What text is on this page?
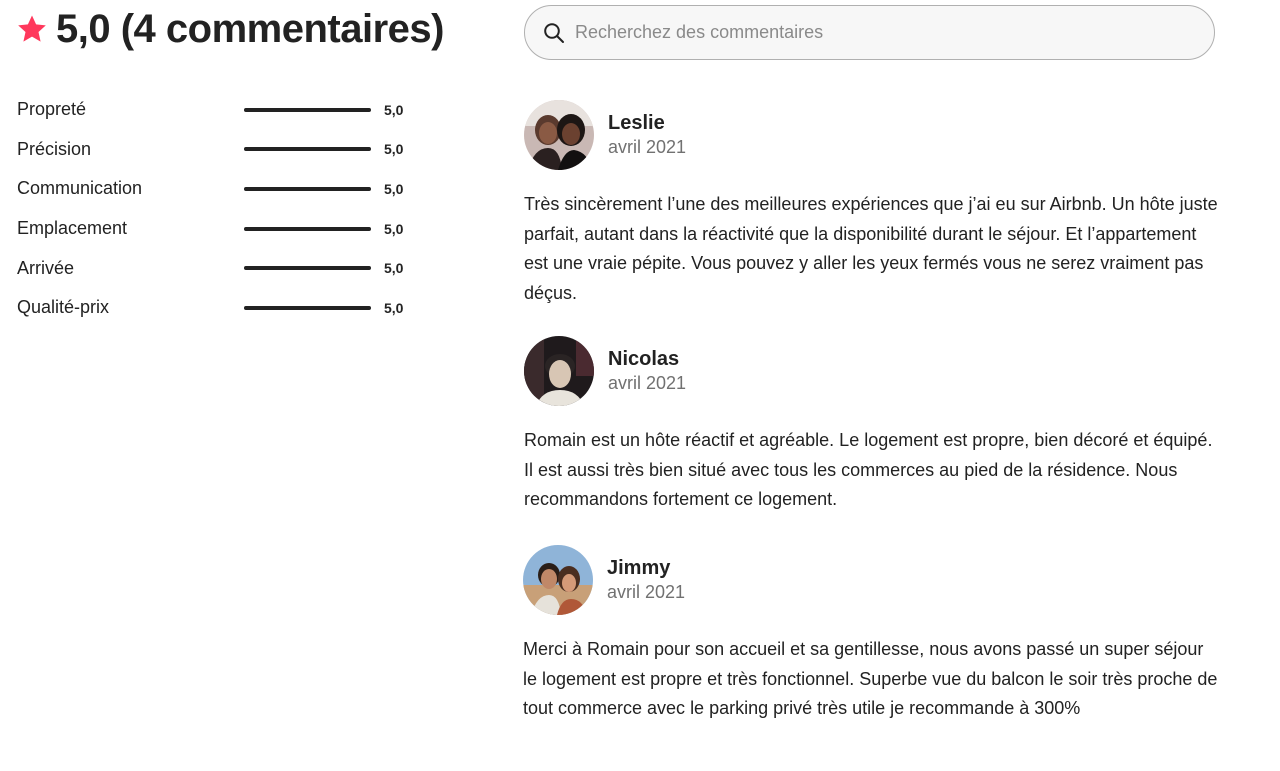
5,0 (4 commentaires)
Propreté	5,0
Précision	5,0
Communication	5,0
Emplacement	5,0
Arrivée	5,0
Qualité-prix	5,0
Recherchez des commentaires
Leslie
avril 2021

Très sincèrement l’une des meilleures expériences que j’ai eu sur Airbnb. Un hôte juste parfait, autant dans la réactivité que la disponibilité durant le séjour. Et l’appartement est une vraie pépite. Vous pouvez y aller les yeux fermés vous ne serez vraiment pas déçus.

Nicolas
avril 2021

Romain est un hôte réactif et agréable. Le logement est propre, bien décoré et équipé. Il est aussi très bien situé avec tous les commerces au pied de la résidence. Nous recommandons fortement ce logement.

Jimmy
avril 2021

Merci à Romain pour son accueil et sa gentillesse, nous avons passé un super séjour le logement est propre et très fonctionnel. Superbe vue du balcon le soir très proche de tout commerce avec le parking privé très utile je recommande à 300%
